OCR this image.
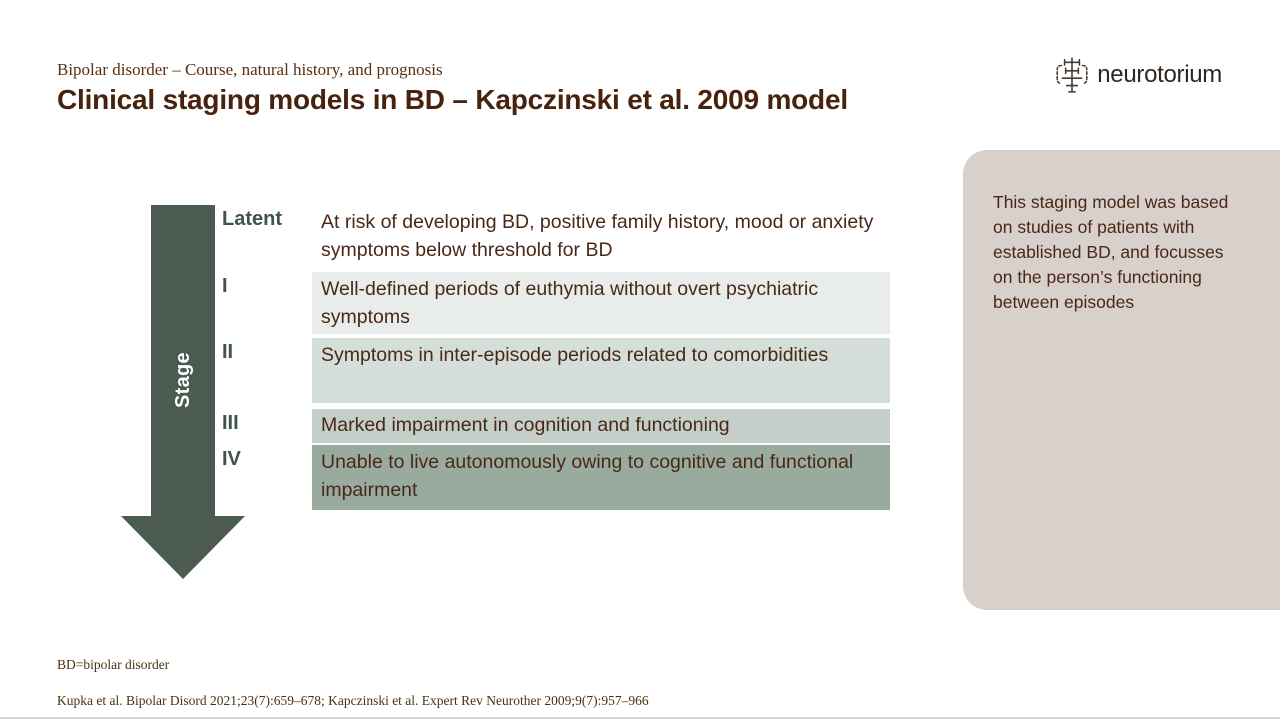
Bipolar disorder – Course, natural history, and prognosis
Clinical staging models in BD – Kapczinski et al. 2009 model
neurotorium
Stage
Latent	At risk of developing BD, positive family history, mood or anxiety symptoms below threshold for BD
I	Well-defined periods of euthymia without overt psychiatric symptoms
II	Symptoms in inter-episode periods related to comorbidities
III	Marked impairment in cognition and functioning
IV	Unable to live autonomously owing to cognitive and functional impairment
This staging model was based on studies of patients with established BD, and focusses on the person’s functioning between episodes
BD=bipolar disorder
Kupka et al. Bipolar Disord 2021;23(7):659–678; Kapczinski et al. Expert Rev Neurother 2009;9(7):957–966
